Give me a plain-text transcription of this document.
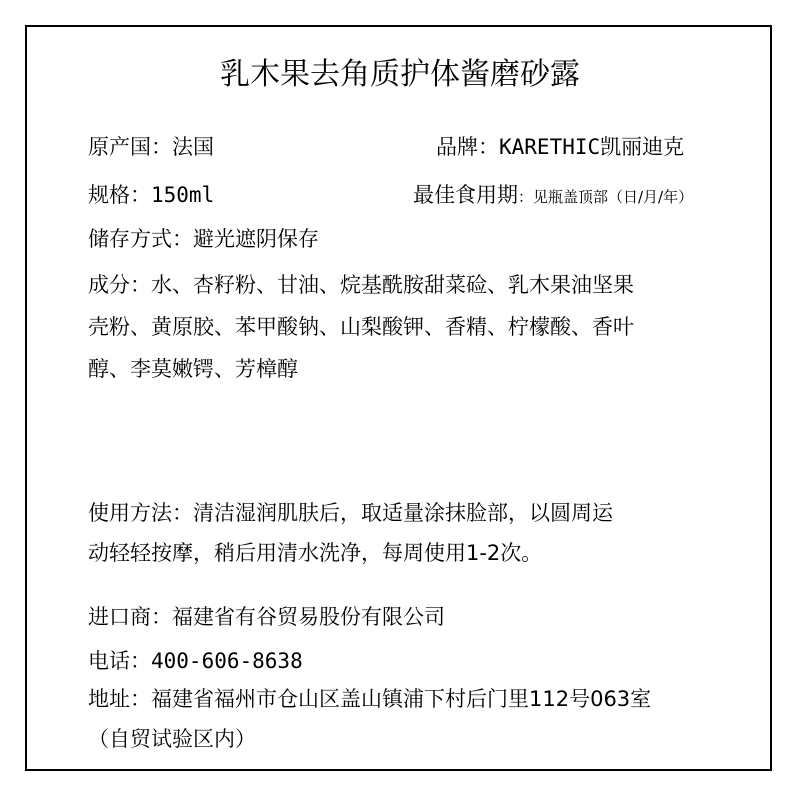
乳木果去角质护体酱磨砂露
原产国：法国	品牌：KARETHIC凯丽迪克
规格：150ml	最佳食用期：见瓶盖顶部（日/月/年）
储存方式：避光遮阴保存
成分：水、杏籽粉、甘油、烷基酰胺甜菜硷、乳木果油坚果
壳粉、黄原胶、苯甲酸钠、山梨酸钾、香精、柠檬酸、香叶
醇、李莫嫩锷、芳樟醇
使用方法：清洁湿润肌肤后，取适量涂抹脸部，以圆周运
动轻轻按摩，稍后用清水洗净，每周使用1-2次。
进口商：福建省有谷贸易股份有限公司
电话：400-606-8638
地址：福建省福州市仓山区盖山镇浦下村后门里112号063室
（自贸试验区内）
